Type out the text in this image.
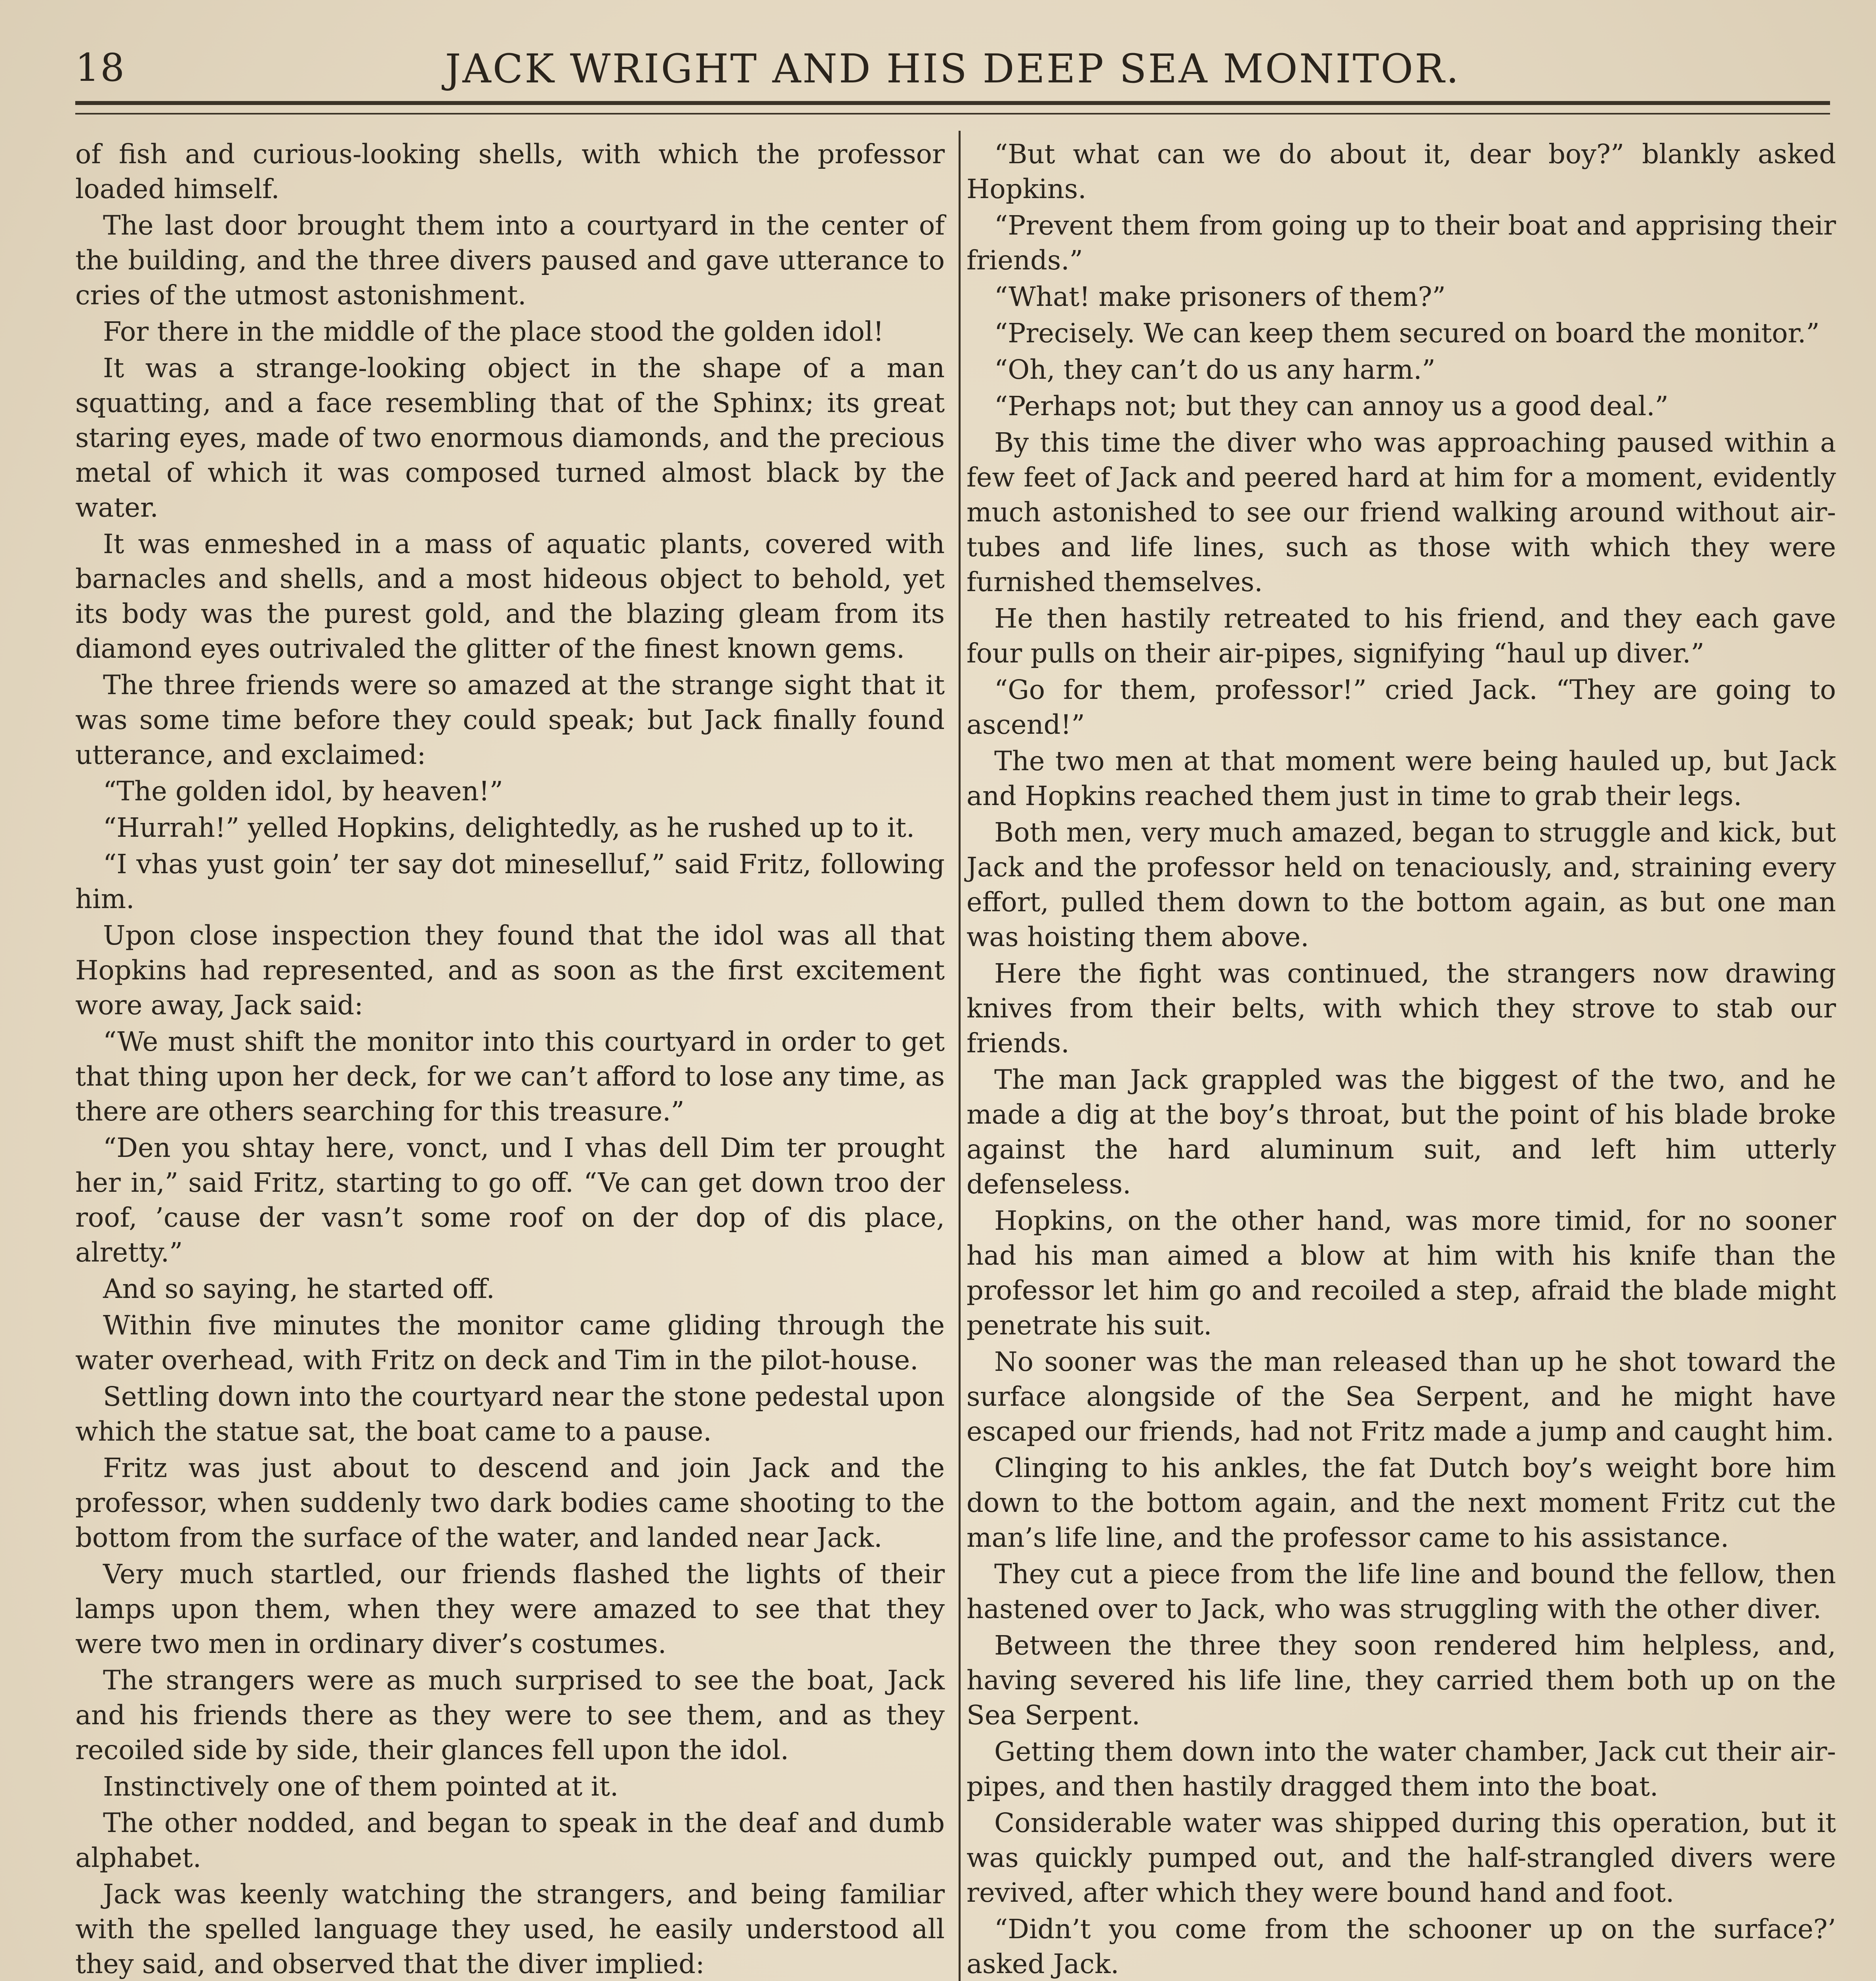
18	JACK WRIGHT AND HIS DEEP SEA MONITOR.

of fish and curious-looking shells, with which the professor loaded himself.

The last door brought them into a courtyard in the center of the building, and the three divers paused and gave utterance to cries of the utmost astonishment.

For there in the middle of the place stood the golden idol!

It was a strange-looking object in the shape of a man squatting, and a face resembling that of the Sphinx; its great staring eyes, made of two enormous diamonds, and the precious metal of which it was composed turned almost black by the water.

It was enmeshed in a mass of aquatic plants, covered with barnacles and shells, and a most hideous object to behold, yet its body was the purest gold, and the blazing gleam from its diamond eyes outrivaled the glitter of the finest known gems.

The three friends were so amazed at the strange sight that it was some time before they could speak; but Jack finally found utterance, and exclaimed:

“The golden idol, by heaven!”

“Hurrah!” yelled Hopkins, delightedly, as he rushed up to it.

“I vhas yust goin’ ter say dot mineselluf,” said Fritz, following him.

Upon close inspection they found that the idol was all that Hopkins had represented, and as soon as the first excitement wore away, Jack said:

“We must shift the monitor into this courtyard in order to get that thing upon her deck, for we can’t afford to lose any time, as there are others searching for this treasure.”

“Den you shtay here, vonct, und I vhas dell Dim ter prought her in,” said Fritz, starting to go off. “Ve can get down troo der roof, ’cause der vasn’t some roof on der dop of dis place, alretty.”

And so saying, he started off.

Within five minutes the monitor came gliding through the water overhead, with Fritz on deck and Tim in the pilot-house.

Settling down into the courtyard near the stone pedestal upon which the statue sat, the boat came to a pause.

Fritz was just about to descend and join Jack and the professor, when suddenly two dark bodies came shooting to the bottom from the surface of the water, and landed near Jack.

Very much startled, our friends flashed the lights of their lamps upon them, when they were amazed to see that they were two men in ordinary diver’s costumes.

The strangers were as much surprised to see the boat, Jack and his friends there as they were to see them, and as they recoiled side by side, their glances fell upon the idol.

Instinctively one of them pointed at it.

The other nodded, and began to speak in the deaf and dumb alphabet.

Jack was keenly watching the strangers, and being familiar with the spelled language they used, he easily understood all they said, and observed that the diver implied:

“But what can we do about it, dear boy?” blankly asked Hopkins.

“Prevent them from going up to their boat and apprising their friends.”

“What! make prisoners of them?”

“Precisely. We can keep them secured on board the monitor.”

“Oh, they can’t do us any harm.”

“Perhaps not; but they can annoy us a good deal.”

By this time the diver who was approaching paused within a few feet of Jack and peered hard at him for a moment, evidently much astonished to see our friend walking around without air-tubes and life lines, such as those with which they were furnished themselves.

He then hastily retreated to his friend, and they each gave four pulls on their air-pipes, signifying “haul up diver.”

“Go for them, professor!” cried Jack. “They are going to ascend!”

The two men at that moment were being hauled up, but Jack and Hopkins reached them just in time to grab their legs.

Both men, very much amazed, began to struggle and kick, but Jack and the professor held on tenaciously, and, straining every effort, pulled them down to the bottom again, as but one man was hoisting them above.

Here the fight was continued, the strangers now drawing knives from their belts, with which they strove to stab our friends.

The man Jack grappled was the biggest of the two, and he made a dig at the boy’s throat, but the point of his blade broke against the hard aluminum suit, and left him utterly defenseless.

Hopkins, on the other hand, was more timid, for no sooner had his man aimed a blow at him with his knife than the professor let him go and recoiled a step, afraid the blade might penetrate his suit.

No sooner was the man released than up he shot toward the surface alongside of the Sea Serpent, and he might have escaped our friends, had not Fritz made a jump and caught him.

Clinging to his ankles, the fat Dutch boy’s weight bore him down to the bottom again, and the next moment Fritz cut the man’s life line, and the professor came to his assistance.

They cut a piece from the life line and bound the fellow, then hastened over to Jack, who was struggling with the other diver.

Between the three they soon rendered him helpless, and, having severed his life line, they carried them both up on the Sea Serpent.

Getting them down into the water chamber, Jack cut their air-pipes, and then hastily dragged them into the boat.

Considerable water was shipped during this operation, but it was quickly pumped out, and the half-strangled divers were revived, after which they were bound hand and foot.

“Didn’t you come from the schooner up on the surface?’ asked Jack.
